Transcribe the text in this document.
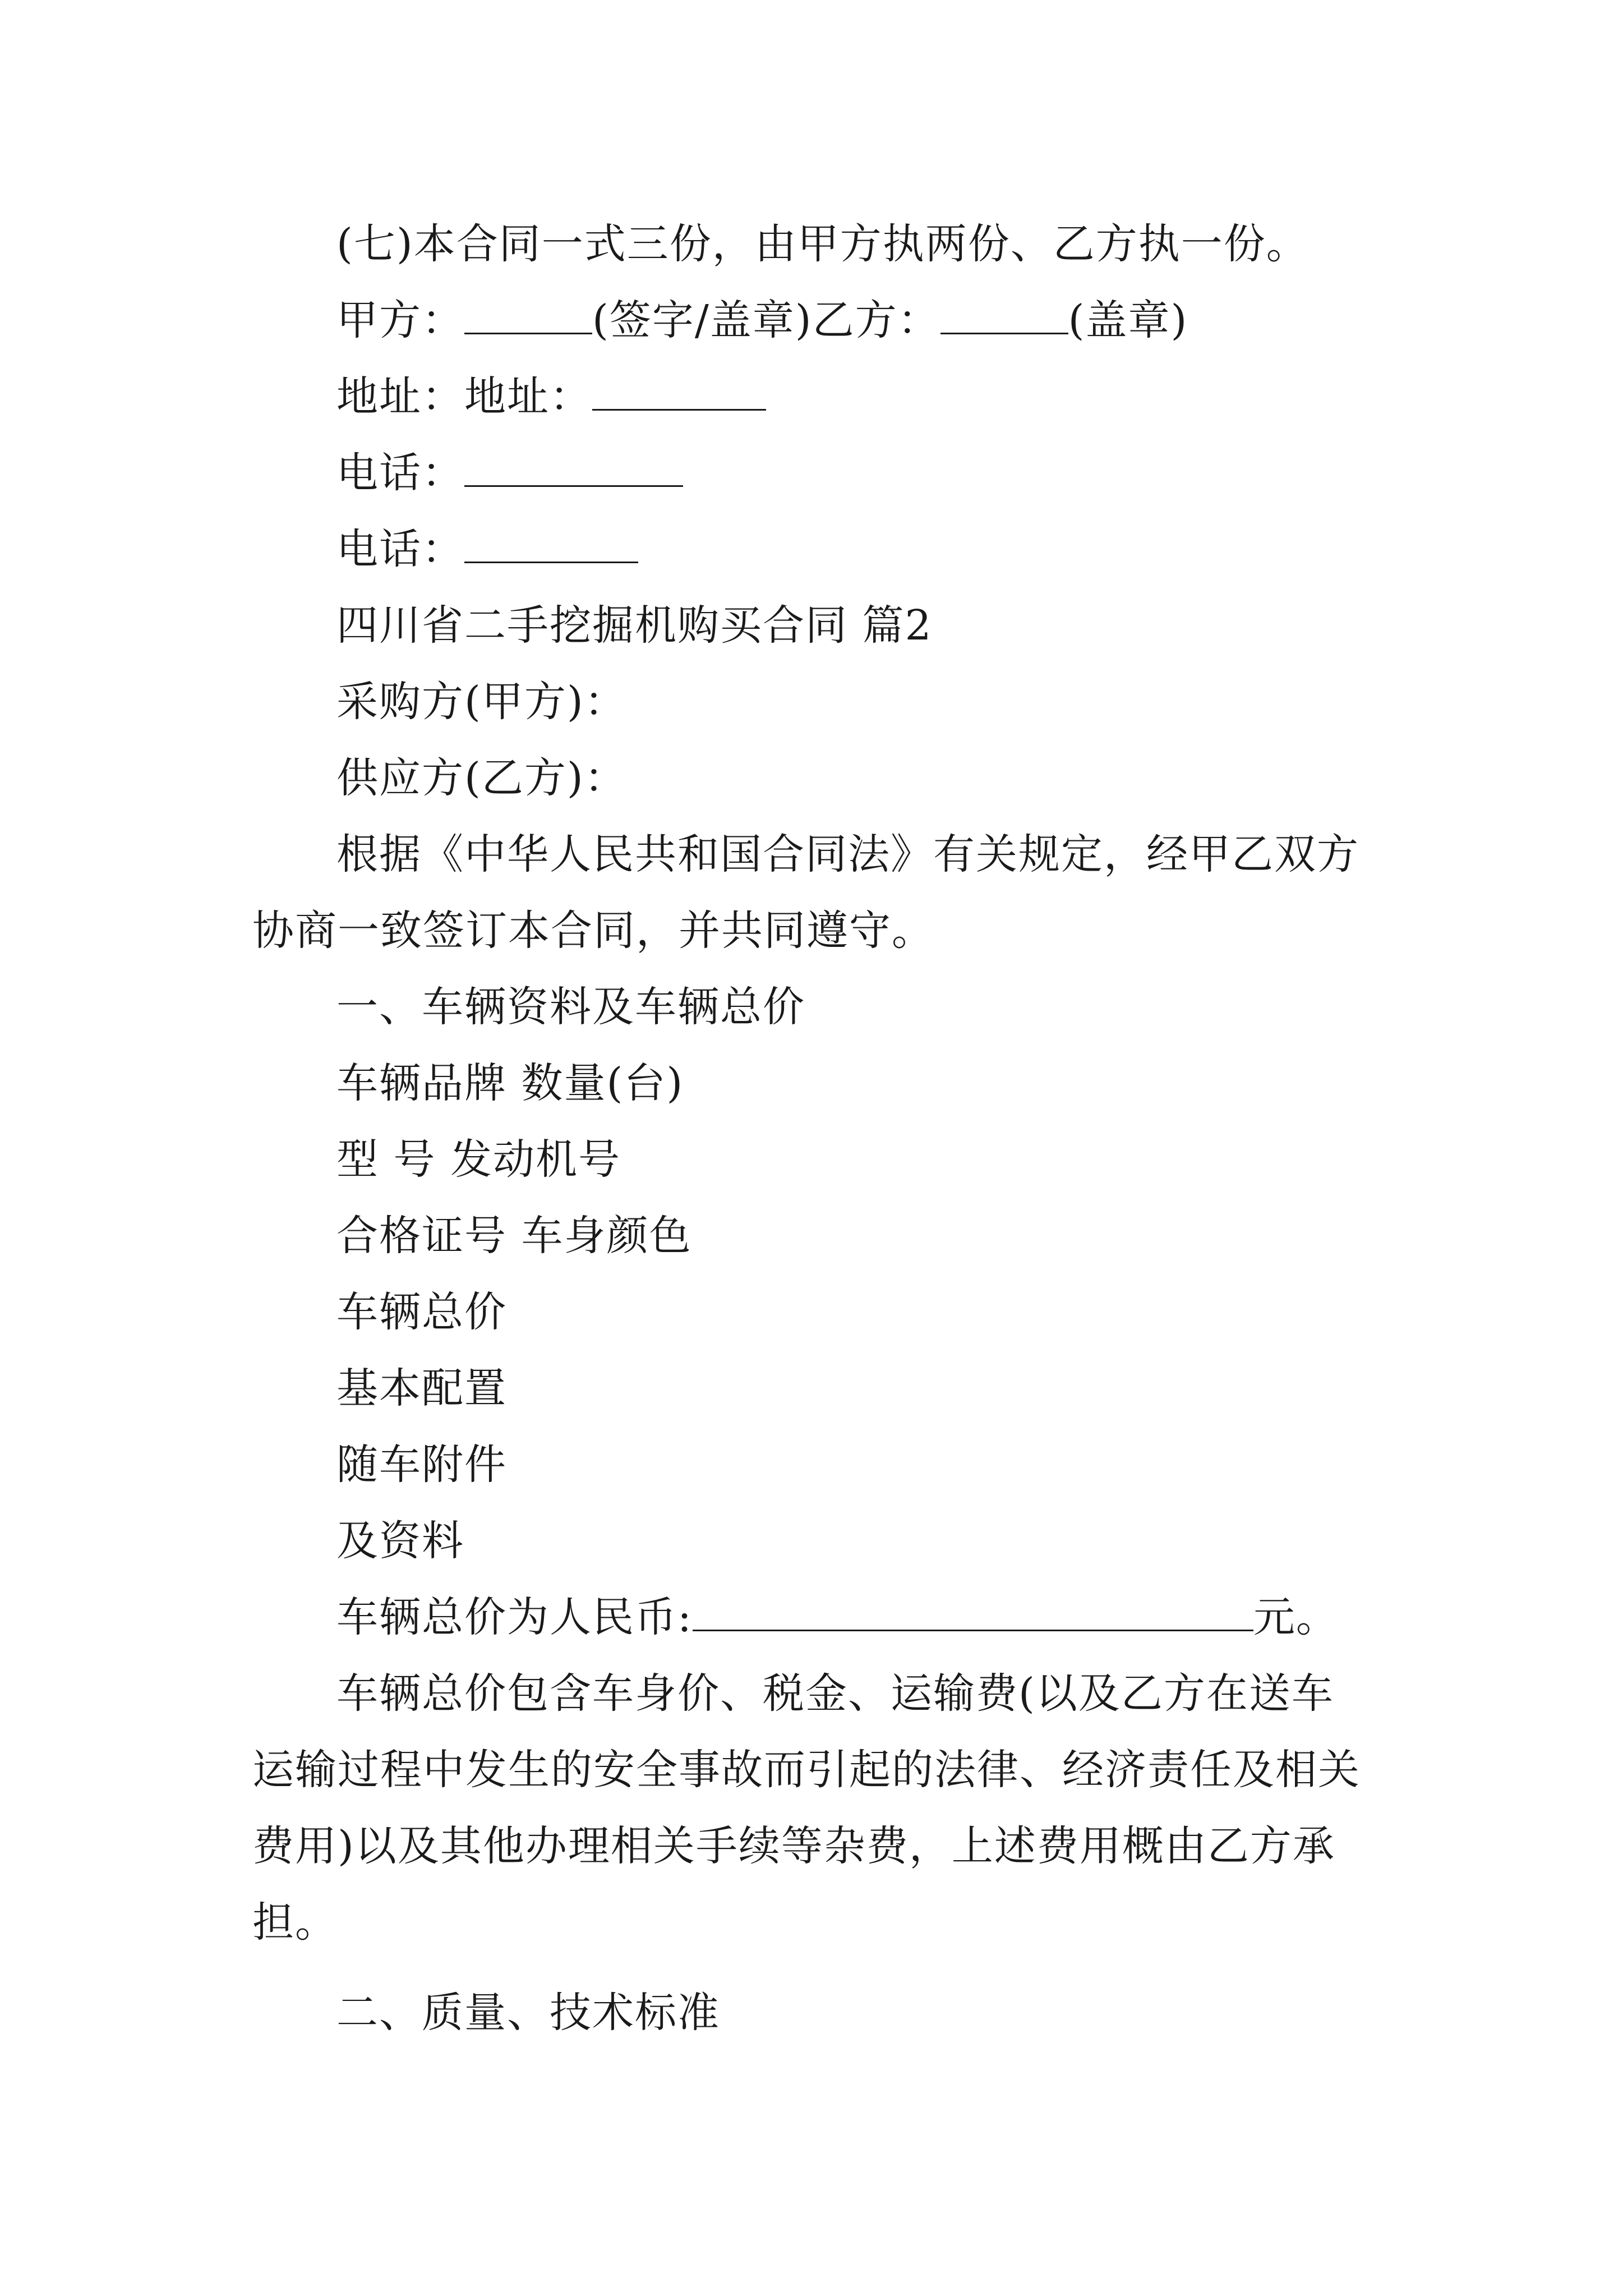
(七)本合同一式三份，由甲方执两份、乙方执一份。
甲方：	(签字/盖章)乙方：	(盖章)
地址：地址：
电话：
电话：
四川省二手挖掘机购买合同 篇2
采购方(甲方)：
供应方(乙方)：
根据《中华人民共和国合同法》有关规定，经甲乙双方
协商一致签订本合同，并共同遵守。
一、车辆资料及车辆总价
车辆品牌 数量(台)
型 号 发动机号
合格证号 车身颜色
车辆总价
基本配置
随车附件
及资料
车辆总价为人民币:	元。
车辆总价包含车身价、税金、运输费(以及乙方在送车
运输过程中发生的安全事故而引起的法律、经济责任及相关
费用)以及其他办理相关手续等杂费，上述费用概由乙方承
担。
二、质量、技术标准
